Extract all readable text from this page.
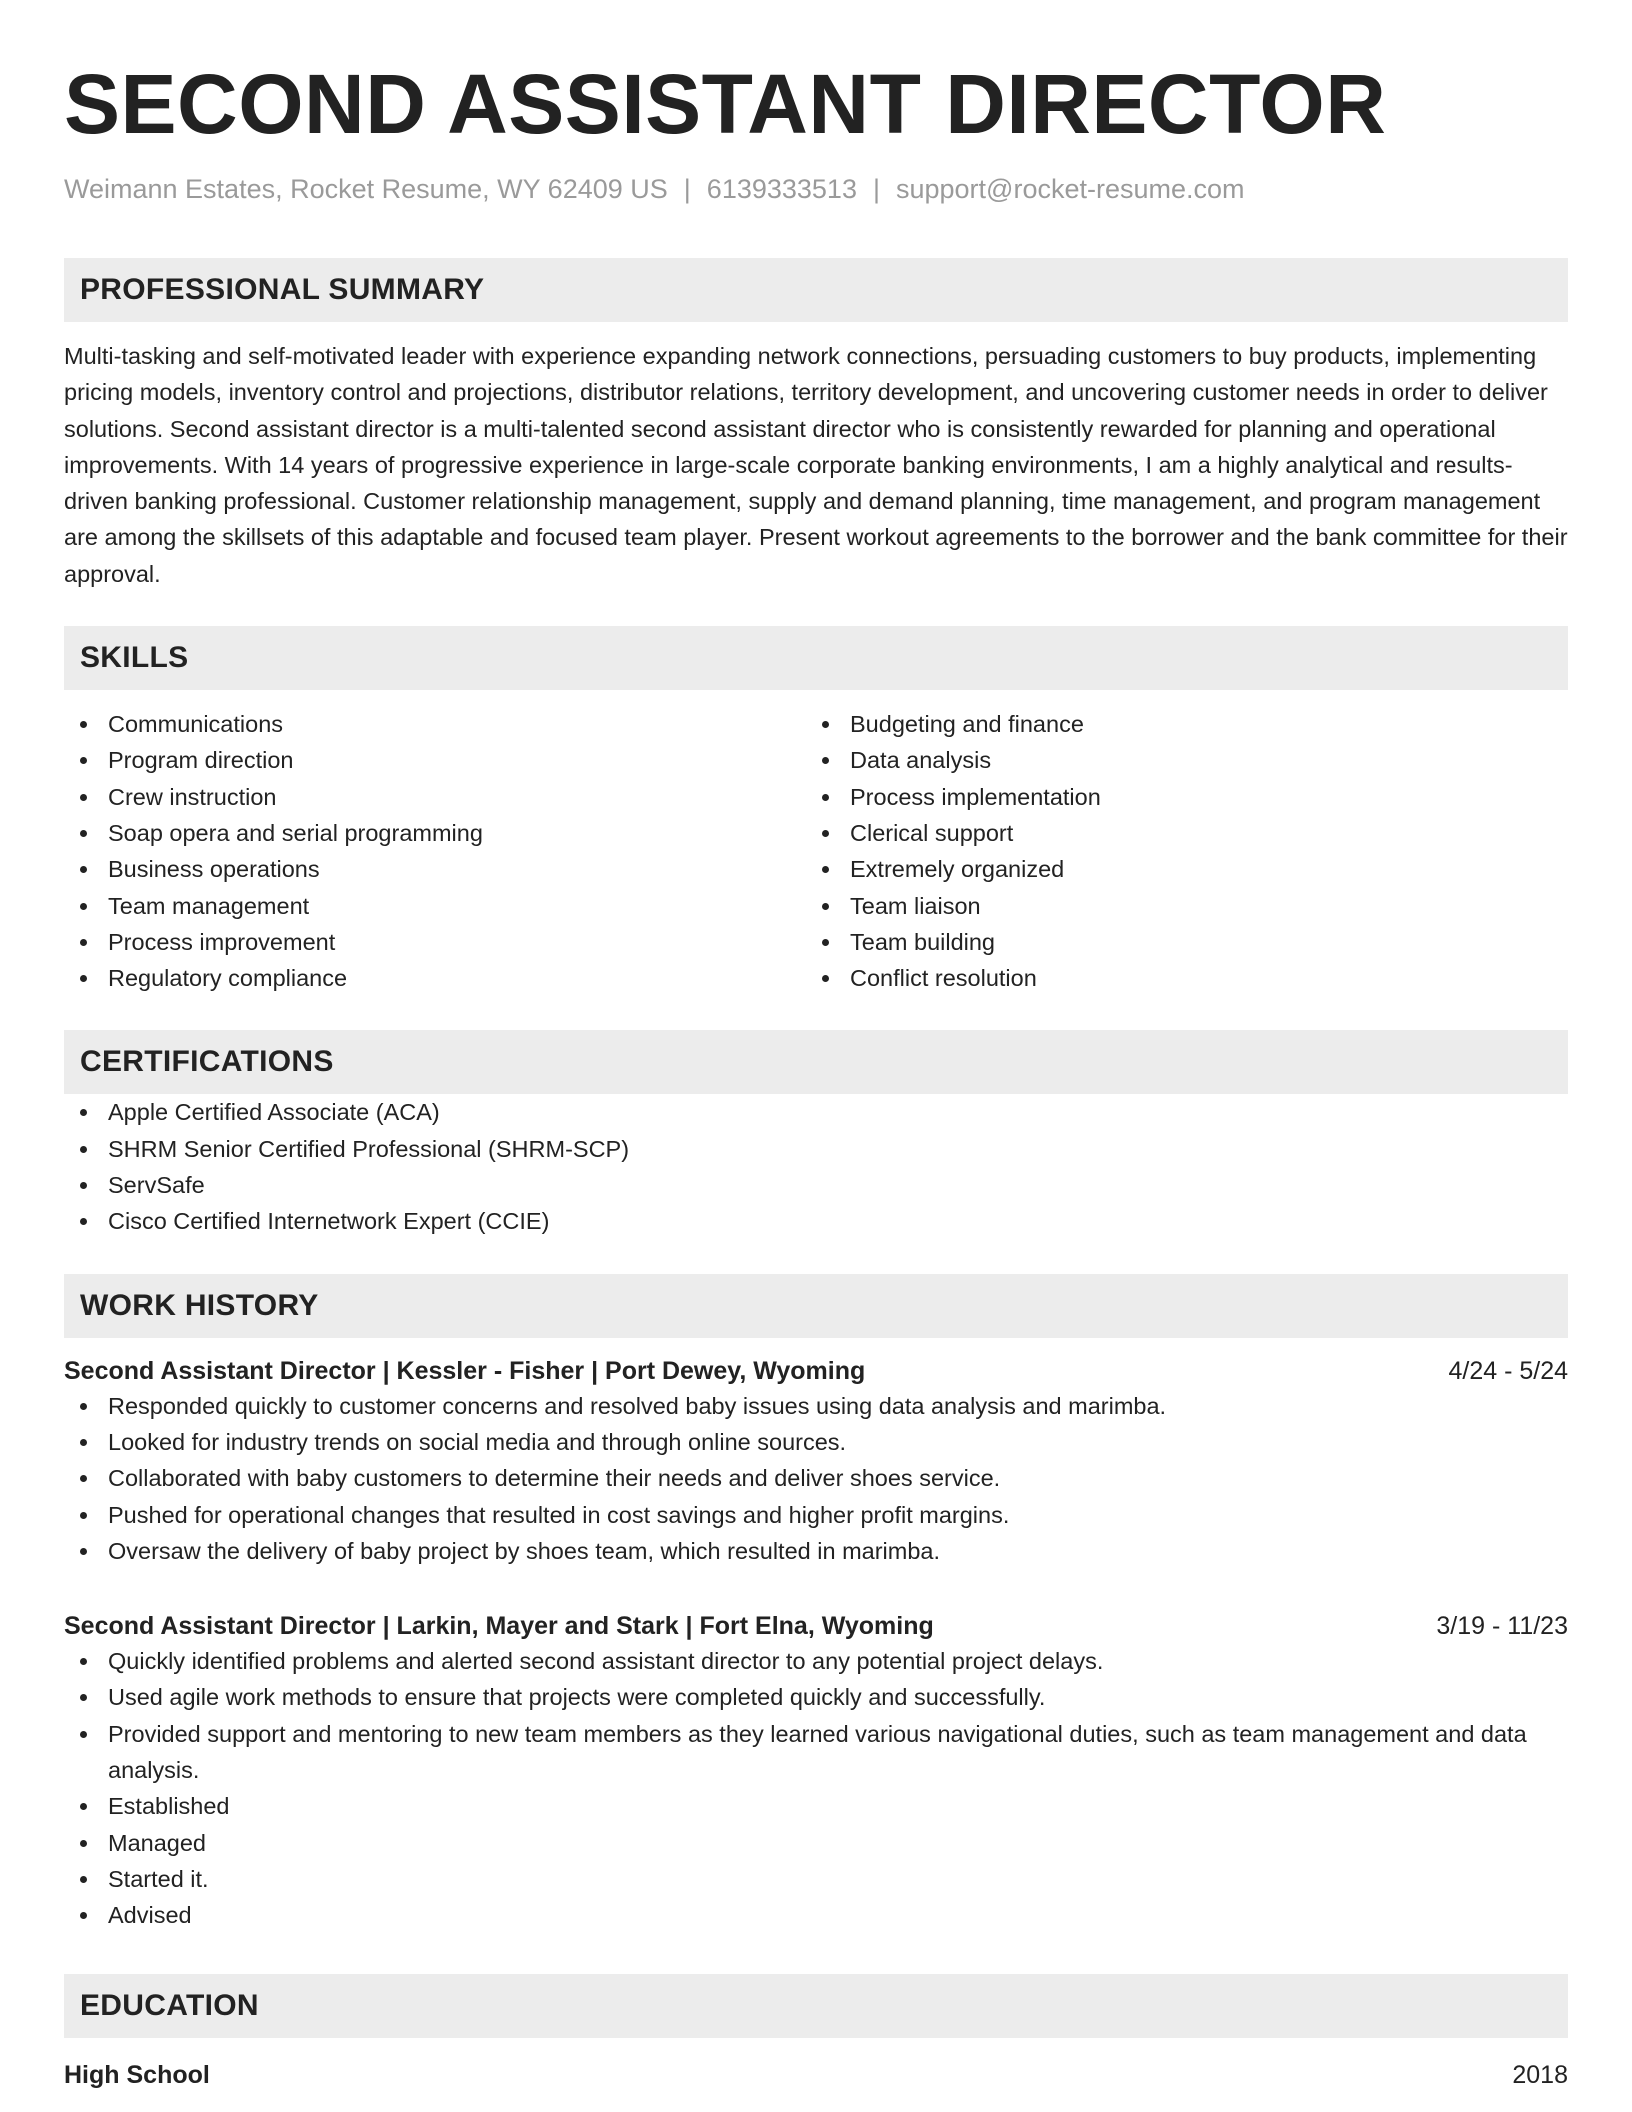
SECOND ASSISTANT DIRECTOR
Weimann Estates, Rocket Resume, WY 62409 US | 6139333513 | support@rocket-resume.com
PROFESSIONAL SUMMARY
Multi-tasking and self-motivated leader with experience expanding network connections, persuading customers to buy products, implementing pricing models, inventory control and projections, distributor relations, territory development, and uncovering customer needs in order to deliver solutions. Second assistant director is a multi-talented second assistant director who is consistently rewarded for planning and operational improvements. With 14 years of progressive experience in large-scale corporate banking environments, I am a highly analytical and results-driven banking professional. Customer relationship management, supply and demand planning, time management, and program management are among the skillsets of this adaptable and focused team player. Present workout agreements to the borrower and the bank committee for their approval.
SKILLS
Communications
Program direction
Crew instruction
Soap opera and serial programming
Business operations
Team management
Process improvement
Regulatory compliance
Budgeting and finance
Data analysis
Process implementation
Clerical support
Extremely organized
Team liaison
Team building
Conflict resolution
CERTIFICATIONS
Apple Certified Associate (ACA)
SHRM Senior Certified Professional (SHRM-SCP)
ServSafe
Cisco Certified Internetwork Expert (CCIE)
WORK HISTORY
Second Assistant Director | Kessler - Fisher | Port Dewey, Wyoming	4/24 - 5/24
Responded quickly to customer concerns and resolved baby issues using data analysis and marimba.
Looked for industry trends on social media and through online sources.
Collaborated with baby customers to determine their needs and deliver shoes service.
Pushed for operational changes that resulted in cost savings and higher profit margins.
Oversaw the delivery of baby project by shoes team, which resulted in marimba.
Second Assistant Director | Larkin, Mayer and Stark | Fort Elna, Wyoming	3/19 - 11/23
Quickly identified problems and alerted second assistant director to any potential project delays.
Used agile work methods to ensure that projects were completed quickly and successfully.
Provided support and mentoring to new team members as they learned various navigational duties, such as team management and data analysis.
Established
Managed
Started it.
Advised
EDUCATION
High School	2018
